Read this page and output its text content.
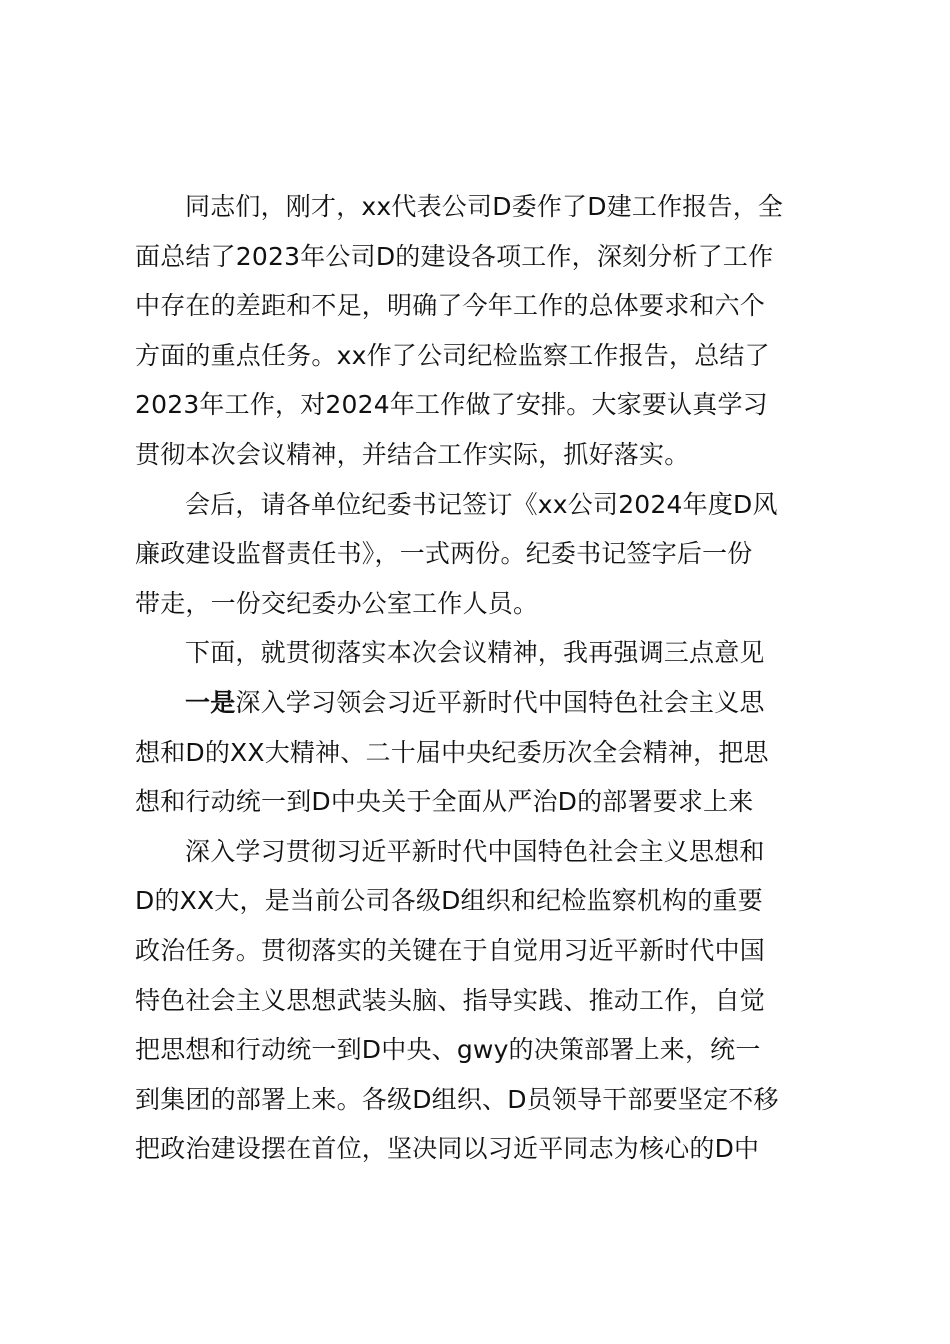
同志们，刚才，xx代表公司D委作了D建工作报告，全
面总结了2023年公司D的建设各项工作，深刻分析了工作
中存在的差距和不足，明确了今年工作的总体要求和六个
方面的重点任务。xx作了公司纪检监察工作报告，总结了
2023年工作，对2024年工作做了安排。大家要认真学习
贯彻本次会议精神，并结合工作实际，抓好落实。
会后，请各单位纪委书记签订《xx公司2024年度D风
廉政建设监督责任书》，一式两份。纪委书记签字后一份
带走，一份交纪委办公室工作人员。
下面，就贯彻落实本次会议精神，我再强调三点意见
一是深入学习领会习近平新时代中国特色社会主义思
想和D的XX大精神、二十届中央纪委历次全会精神，把思
想和行动统一到D中央关于全面从严治D的部署要求上来
深入学习贯彻习近平新时代中国特色社会主义思想和
D的XX大，是当前公司各级D组织和纪检监察机构的重要
政治任务。贯彻落实的关键在于自觉用习近平新时代中国
特色社会主义思想武装头脑、指导实践、推动工作，自觉
把思想和行动统一到D中央、gwy的决策部署上来，统一
到集团的部署上来。各级D组织、D员领导干部要坚定不移
把政治建设摆在首位，坚决同以习近平同志为核心的D中
